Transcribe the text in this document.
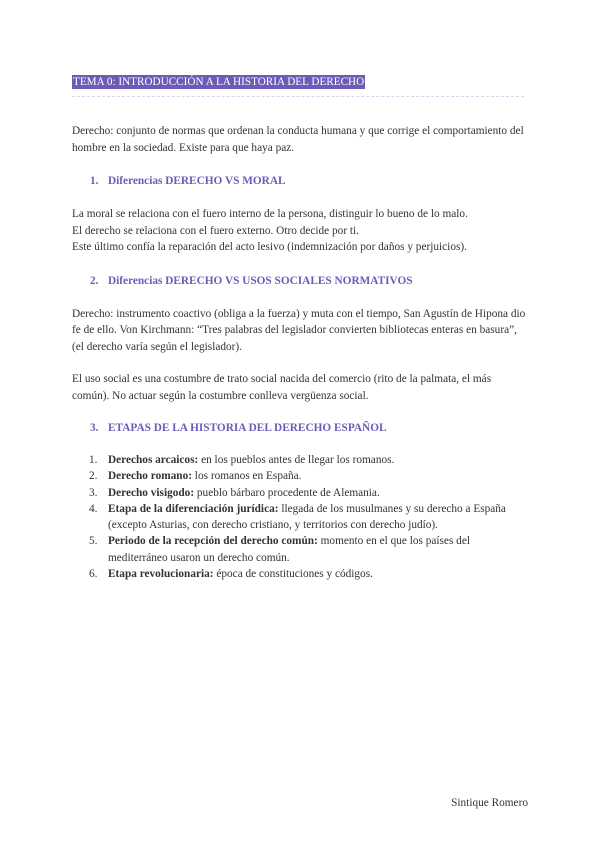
TEMA 0: INTRODUCCIÓN A LA HISTORIA DEL DERECHO

Derecho: conjunto de normas que ordenan la conducta humana y que corrige el comportamiento del hombre en la sociedad. Existe para que haya paz.

1. Diferencias DERECHO VS MORAL

La moral se relaciona con el fuero interno de la persona, distinguir lo bueno de lo malo.

El derecho se relaciona con el fuero externo. Otro decide por ti.

Este último confía la reparación del acto lesivo (indemnización por daños y perjuicios).

2. Diferencias DERECHO VS USOS SOCIALES NORMATIVOS

Derecho: instrumento coactivo (obliga a la fuerza) y muta con el tiempo, San Agustín de Hipona dio fe de ello. Von Kirchmann: “Tres palabras del legislador convierten bibliotecas enteras en basura”, (el derecho varía según el legislador).

El uso social es una costumbre de trato social nacida del comercio (rito de la palmata, el más común). No actuar según la costumbre conlleva vergüenza social.

3. ETAPAS DE LA HISTORIA DEL DERECHO ESPAÑOL
1. Derechos arcaicos: en los pueblos antes de llegar los romanos.
2. Derecho romano: los romanos en España.
3. Derecho visigodo: pueblo bárbaro procedente de Alemania.
4. Etapa de la diferenciación jurídica: llegada de los musulmanes y su derecho a España (excepto Asturias, con derecho cristiano, y territorios con derecho judío).
5. Periodo de la recepción del derecho común: momento en el que los países del mediterráneo usaron un derecho común.
6. Etapa revolucionaria: época de constituciones y códigos.
Sintique Romero
